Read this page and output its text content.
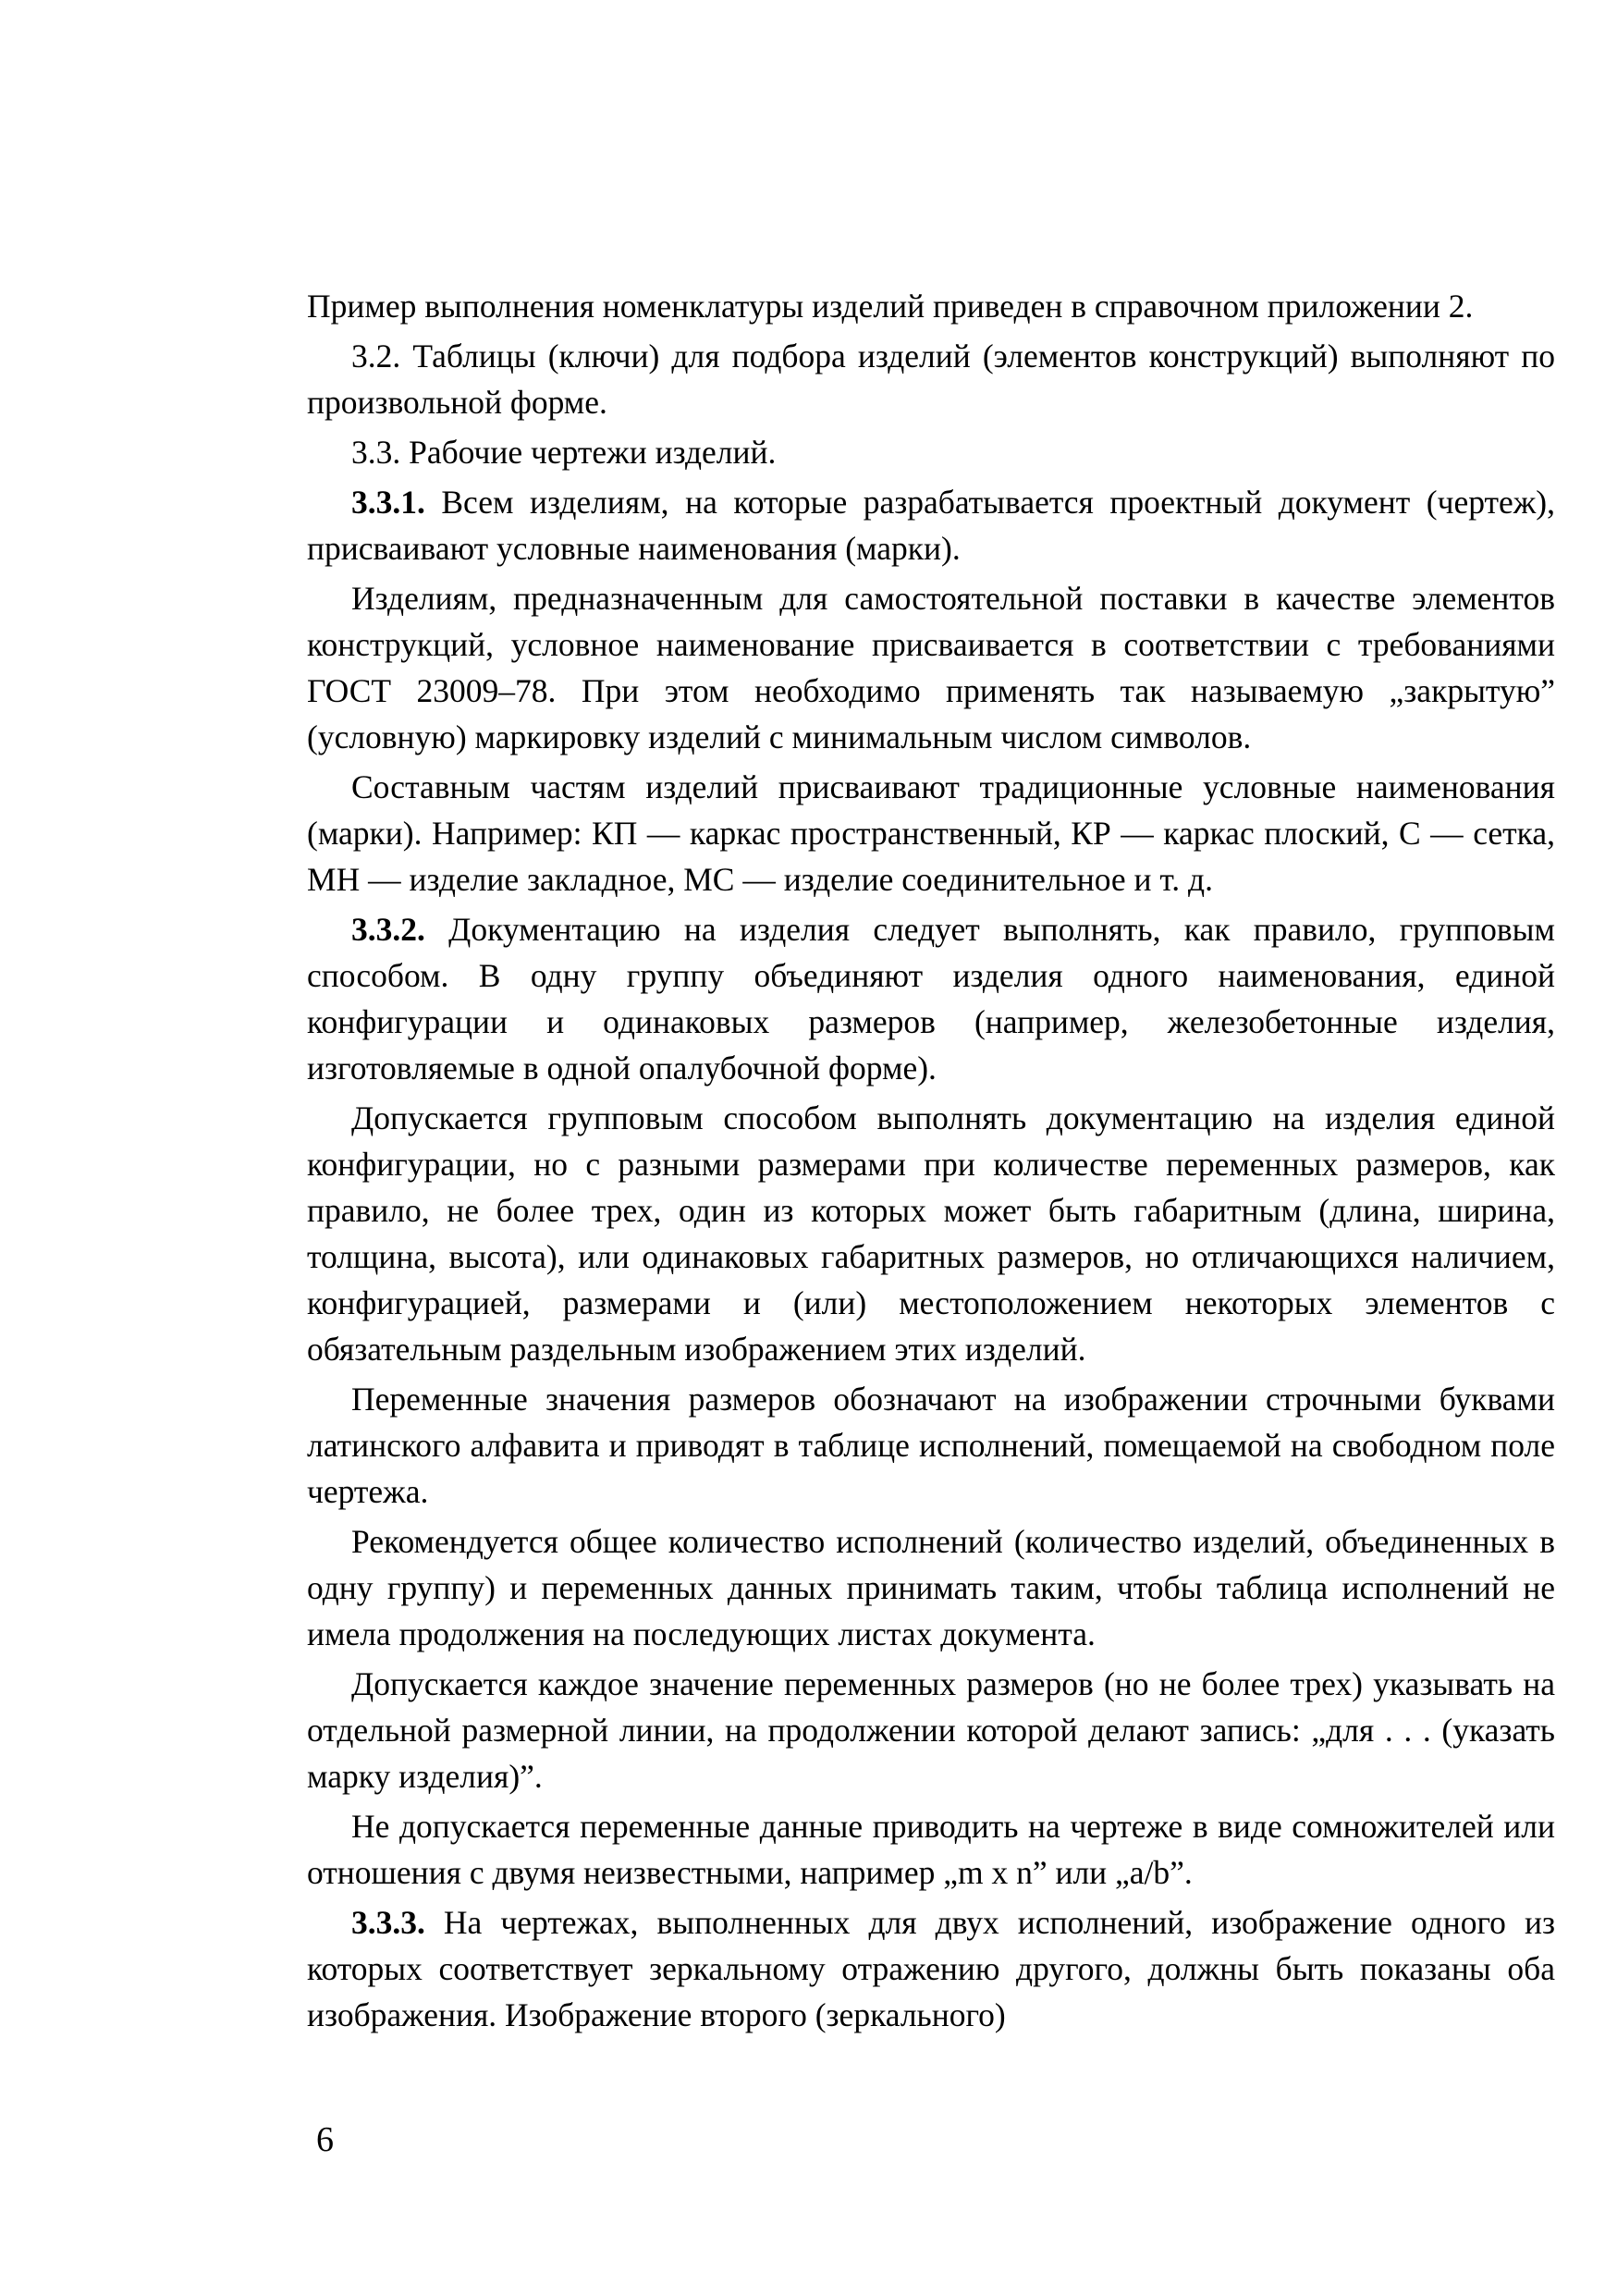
Пример выполнения номенклатуры изделий приведен в справочном приложении 2.

3.2. Таблицы (ключи) для подбора изделий (элементов конструкций) выполняют по произвольной форме.

3.3. Рабочие чертежи изделий.

3.3.1. Всем изделиям, на которые разрабатывается проектный документ (чертеж), присваивают условные наименования (марки).

Изделиям, предназначенным для самостоятельной поставки в качестве элементов конструкций, условное наименование присваивается в соответствии с требованиями ГОСТ 23009–78. При этом необходимо применять так называемую „закрытую” (условную) маркировку изделий с минимальным числом символов.

Составным частям изделий присваивают традиционные условные наименования (марки). Например: КП — каркас пространственный, КР — каркас плоский, С — сетка, МН — изделие закладное, МС — изделие соединительное и т. д.

3.3.2. Документацию на изделия следует выполнять, как правило, групповым способом. В одну группу объединяют изделия одного наименования, единой конфигурации и одинаковых размеров (например, железобетонные изделия, изготовляемые в одной опалубочной форме).

Допускается групповым способом выполнять документацию на изделия единой конфигурации, но с разными размерами при количестве переменных размеров, как правило, не более трех, один из которых может быть габаритным (длина, ширина, толщина, высота), или одинаковых габаритных размеров, но отличающихся наличием, конфигурацией, размерами и (или) местоположением некоторых элементов с обязательным раздельным изображением этих изделий.

Переменные значения размеров обозначают на изображении строчными буквами латинского алфавита и приводят в таблице исполнений, помещаемой на свободном поле чертежа.

Рекомендуется общее количество исполнений (количество изделий, объединенных в одну группу) и переменных данных принимать таким, чтобы таблица исполнений не имела продолжения на последующих листах документа.

Допускается каждое значение переменных размеров (но не более трех) указывать на отдельной размерной линии, на продолжении которой делают запись: „для . . . (указать марку изделия)”.

Не допускается переменные данные приводить на чертеже в виде сомножителей или отношения с двумя неизвестными, например „m x n” или „a/b”.

3.3.3. На чертежах, выполненных для двух исполнений, изображение одного из которых соответствует зеркальному отражению другого, должны быть показаны оба изображения. Изображение второго (зеркального)

6
